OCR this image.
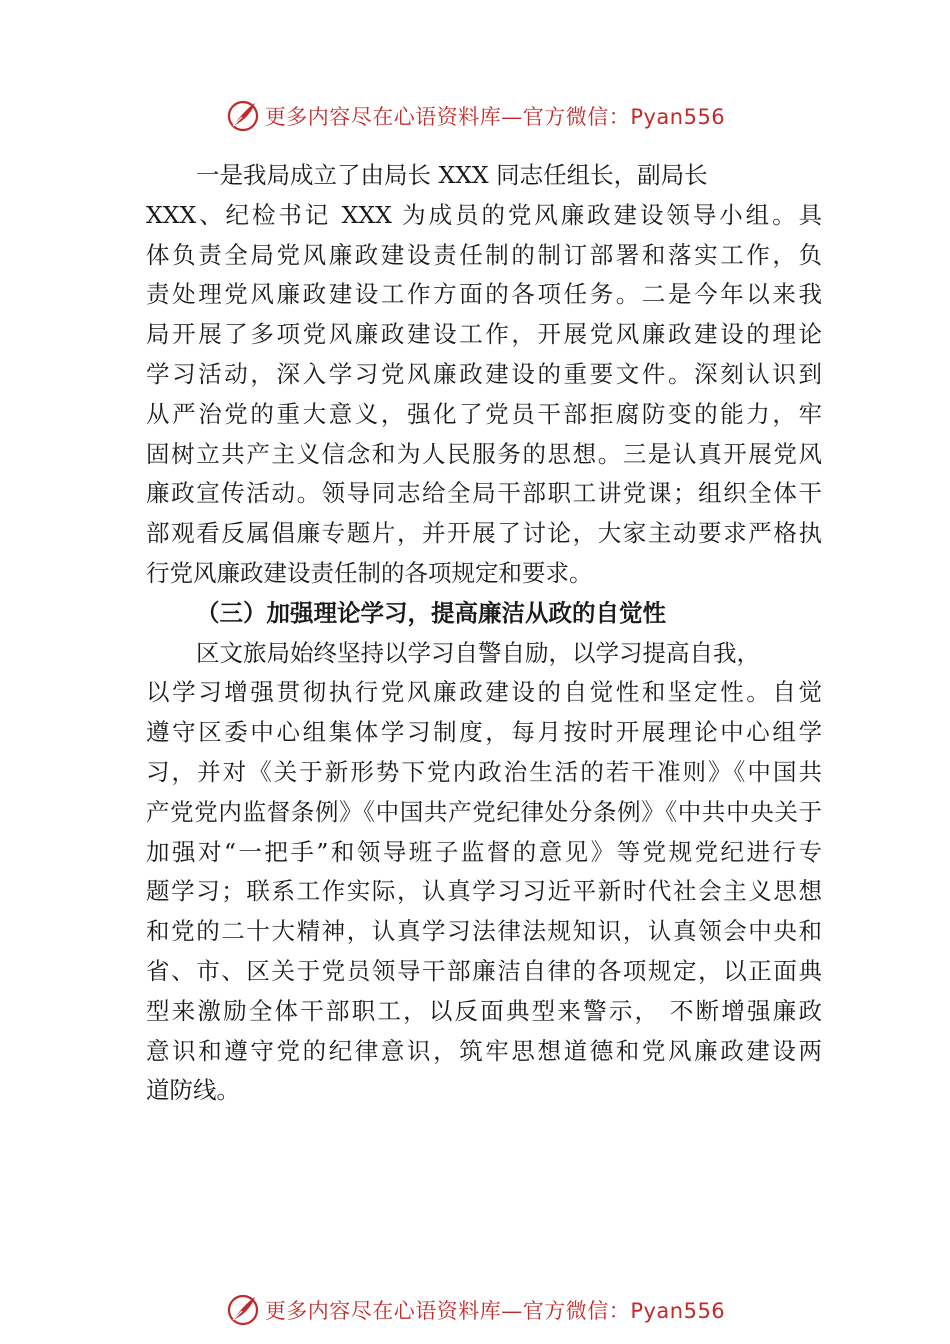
更多内容尽在心语资料库—官方微信：Pyan556
一是我局成立了由局长 XXX 同志任组长，副局长
XXX、纪检书记 XXX 为成员的党风廉政建设领导小组。具
体负责全局党风廉政建设责任制的制订部署和落实工作，负
责处理党风廉政建设工作方面的各项任务。二是今年以来我
局开展了多项党风廉政建设工作，开展党风廉政建设的理论
学习活动，深入学习党风廉政建设的重要文件。深刻认识到
从严治党的重大意义，强化了党员干部拒腐防变的能力，牢
固树立共产主义信念和为人民服务的思想。三是认真开展党风
廉政宣传活动。领导同志给全局干部职工讲党课；组织全体干
部观看反属倡廉专题片，并开展了讨论，大家主动要求严格执
行党风廉政建设责任制的各项规定和要求。
（三）加强理论学习，提高廉洁从政的自觉性
区文旅局始终坚持以学习自警自励，以学习提高自我，
以学习增强贯彻执行党风廉政建设的自觉性和坚定性。自觉
遵守区委中心组集体学习制度，每月按时开展理论中心组学
习，并对《关于新形势下党内政治生活的若干准则》《中国共
产党党内监督条例》《中国共产党纪律处分条例》《中共中央关于
加强对“一把手”和领导班子监督的意见》等党规党纪进行专
题学习；联系工作实际，认真学习习近平新时代社会主义思想
和党的二十大精神，认真学习法律法规知识，认真领会中央和
省、市、区关于党员领导干部廉洁自律的各项规定，以正面典
型来激励全体干部职工，以反面典型来警示， 不断增强廉政
意识和遵守党的纪律意识，筑牢思想道德和党风廉政建设两
道防线。
更多内容尽在心语资料库—官方微信：Pyan556
